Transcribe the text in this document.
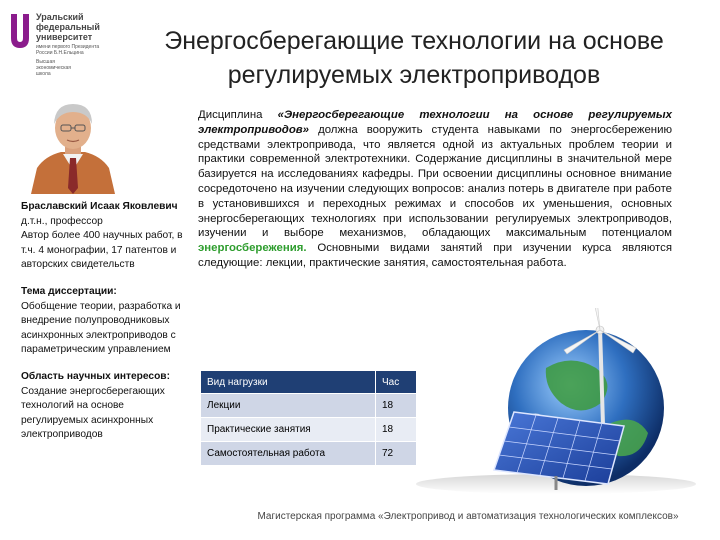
Уральский
федеральный
университет
имени первого Президента
России Б.Н.Ельцина
Высшая
экономическая
школа
Энергосберегающие технологии на основе регулируемых электроприводов
Браславский Исаак Яковлевич
д.т.н., профессор
Автор более 400 научных работ, в т.ч. 4 монографии, 17 патентов и авторских свидетельств
Тема диссертации:
Обобщение теории, разработка и внедрение полупроводниковых асинхронных электроприводов с параметрическим управлением
Область научных интересов:
Создание энергосберегающих технологий на основе регулируемых асинхронных электроприводов
Дисциплина «Энергосберегающие технологии на основе регулируемых электроприводов» должна вооружить студента навыками по энергосбережению средствами электропривода, что является одной из актуальных проблем теории и практики современной электротехники. Содержание дисциплины в значительной мере базируется на исследованиях кафедры. При освоении дисциплины основное внимание сосредоточено на изучении следующих вопросов: анализ потерь в двигателе при работе в установившихся и переходных режимах и способов их уменьшения, основных энергосберегающих технологиях при использовании регулируемых электроприводов, изучении и выборе механизмов, обладающих максимальным потенциалом энергосбережения. Основными видами занятий при изучении курса являются следующие: лекции, практические занятия, самостоятельная работа.
Вид нагрузки	Час
Лекции	18
Практические занятия	18
Самостоятельная работа	72
Магистерская программа «Электропривод и автоматизация технологических комплексов»
